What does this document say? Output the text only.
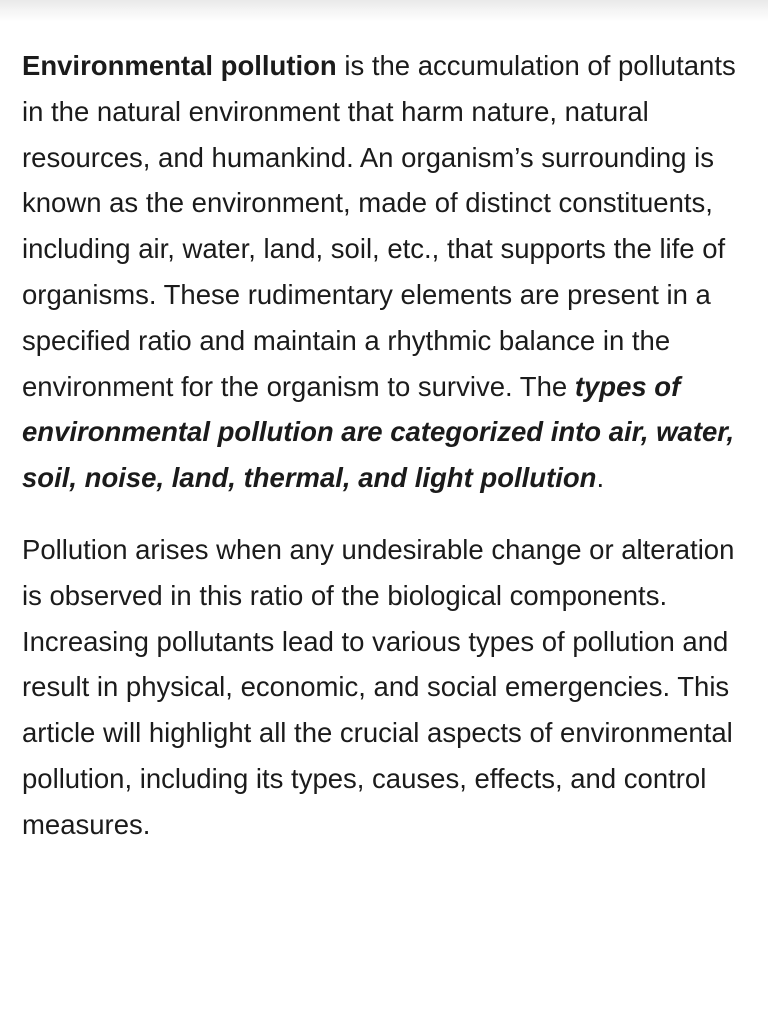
Environmental pollution is the accumulation of pollutants in the natural environment that harm nature, natural resources, and humankind. An organism’s surrounding is known as the environment, made of distinct constituents, including air, water, land, soil, etc., that supports the life of organisms. These rudimentary elements are present in a specified ratio and maintain a rhythmic balance in the environment for the organism to survive. The types of environmental pollution are categorized into air, water, soil, noise, land, thermal, and light pollution.

Pollution arises when any undesirable change or alteration is observed in this ratio of the biological components. Increasing pollutants lead to various types of pollution and result in physical, economic, and social emergencies. This article will highlight all the crucial aspects of environmental pollution, including its types, causes, effects, and control measures.
